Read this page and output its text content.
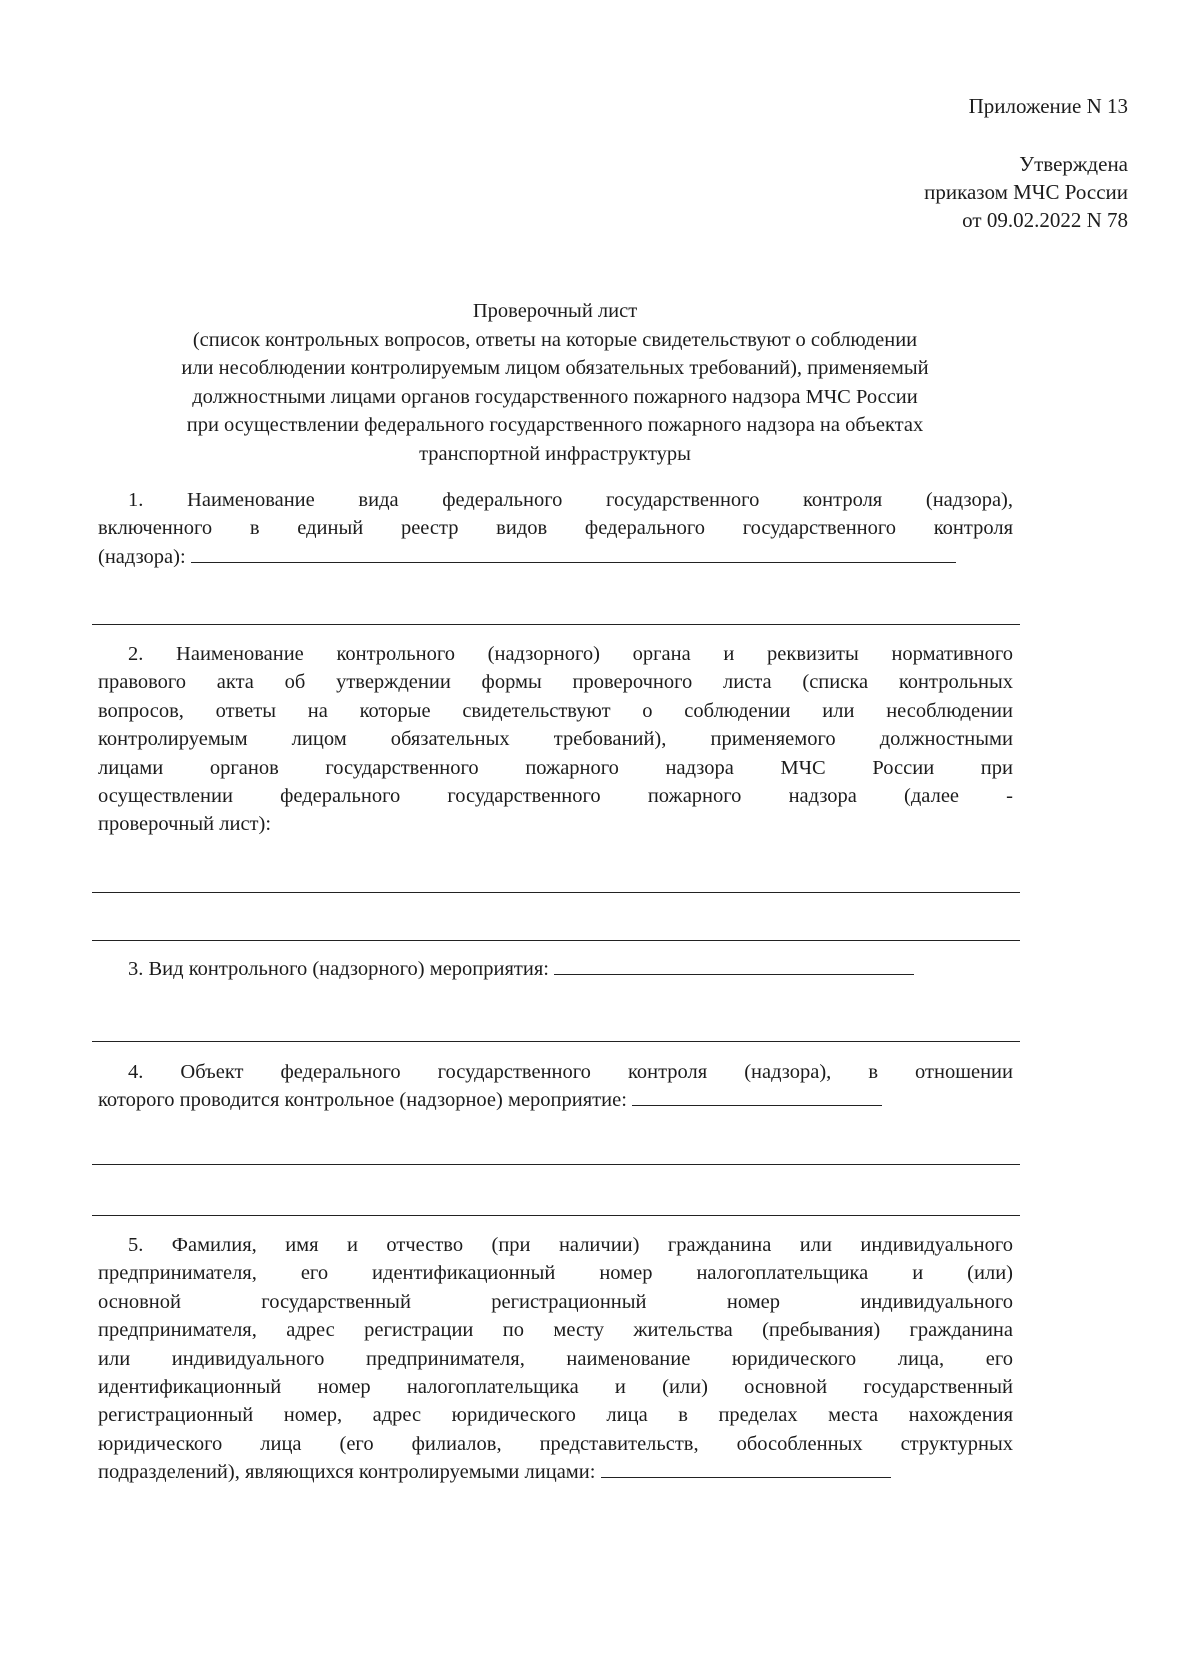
Приложение N 13
Утверждена
приказом МЧС России
от 09.02.2022 N 78
Проверочный лист
(список контрольных вопросов, ответы на которые свидетельствуют о соблюдении
или несоблюдении контролируемым лицом обязательных требований), применяемый
должностными лицами органов государственного пожарного надзора МЧС России
при осуществлении федерального государственного пожарного надзора на объектах
транспортной инфраструктуры
1. Наименование вида федерального государственного контроля (надзора),
включенного в единый реестр видов федерального государственного контроля
(надзора):
2. Наименование контрольного (надзорного) органа и реквизиты нормативного
правового акта об утверждении формы проверочного листа (списка контрольных
вопросов, ответы на которые свидетельствуют о соблюдении или несоблюдении
контролируемым лицом обязательных требований), применяемого должностными
лицами органов государственного пожарного надзора МЧС России при
осуществлении федерального государственного пожарного надзора (далее -
проверочный лист):
3. Вид контрольного (надзорного) мероприятия:
4. Объект федерального государственного контроля (надзора), в отношении
которого проводится контрольное (надзорное) мероприятие:
5. Фамилия, имя и отчество (при наличии) гражданина или индивидуального
предпринимателя, его идентификационный номер налогоплательщика и (или)
основной государственный регистрационный номер индивидуального
предпринимателя, адрес регистрации по месту жительства (пребывания) гражданина
или индивидуального предпринимателя, наименование юридического лица, его
идентификационный номер налогоплательщика и (или) основной государственный
регистрационный номер, адрес юридического лица в пределах места нахождения
юридического лица (его филиалов, представительств, обособленных структурных
подразделений), являющихся контролируемыми лицами:
